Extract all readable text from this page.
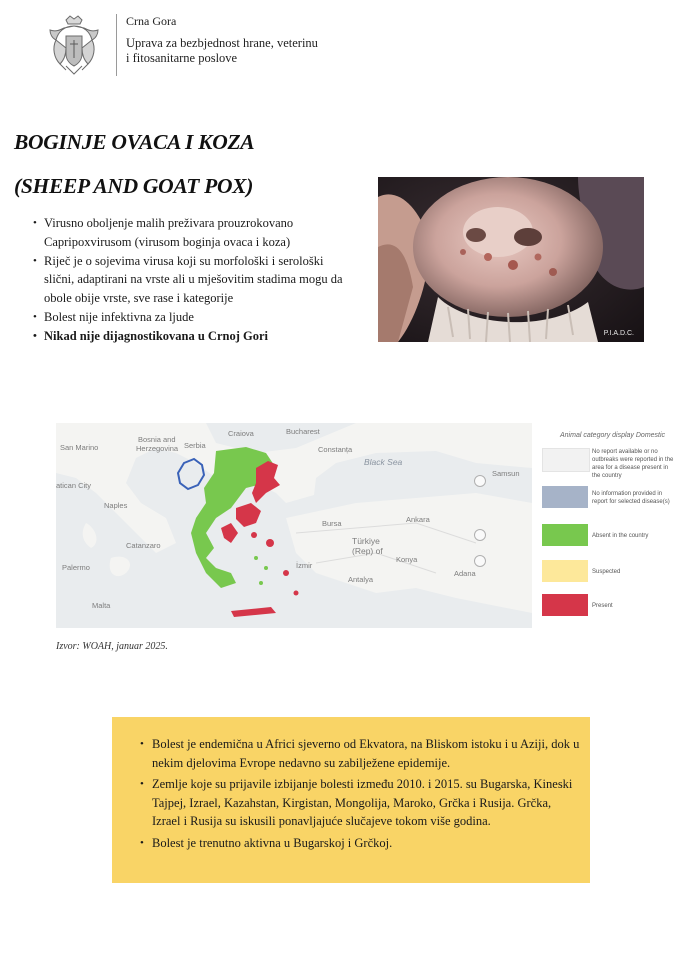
Crna Gora
Uprava za bezbjednost hrane, veterinu
i fitosanitarne poslove
BOGINJE OVACA I KOZA
(SHEEP AND GOAT POX)
• Virusno oboljenje malih preživara prouzrokovano Capripoxvirusom (virusom boginja ovaca i koza)
• Riječ je o sojevima virusa koji su morfološki i serološki slični, adaptirani na vrste ali u mješovitim stadima mogu da obole obije vrste, sve rase i kategorije
• Bolest nije infektivna za ljude
• Nikad nije dijagnostikovana u Crnoj Gori	P.I.A.D.C.
San Marino
Bosnia and
Herzegovina Serbia
Craiova	Bucharest
Constanța
Black Sea
Samsun
atican City
Naples
Bursa	Ankara
Türkiye
(Rep) of
Catanzaro
Palermo
Konya
Antalya
Malta
Adana
İzmir
Animal category display Domestic
No report available or no outbreaks were reported in the area for a disease present in the country
No information provided in report for selected disease(s)
Absent in the country
Suspected
Present
Izvor: WOAH, januar 2025.
• Bolest je endemična u Africi sjeverno od Ekvatora, na Bliskom istoku i u Aziji, dok u nekim djelovima Evrope nedavno su zabilježene epidemije.
• Zemlje koje su prijavile izbijanje bolesti između 2010. i 2015. su Bugarska, Kineski Tajpej, Izrael, Kazahstan, Kirgistan, Mongolija, Maroko, Grčka i Rusija. Grčka, Izrael i Rusija su iskusili ponavljajuće slučajeve tokom više godina.
• Bolest je trenutno aktivna u Bugarskoj i Grčkoj.
